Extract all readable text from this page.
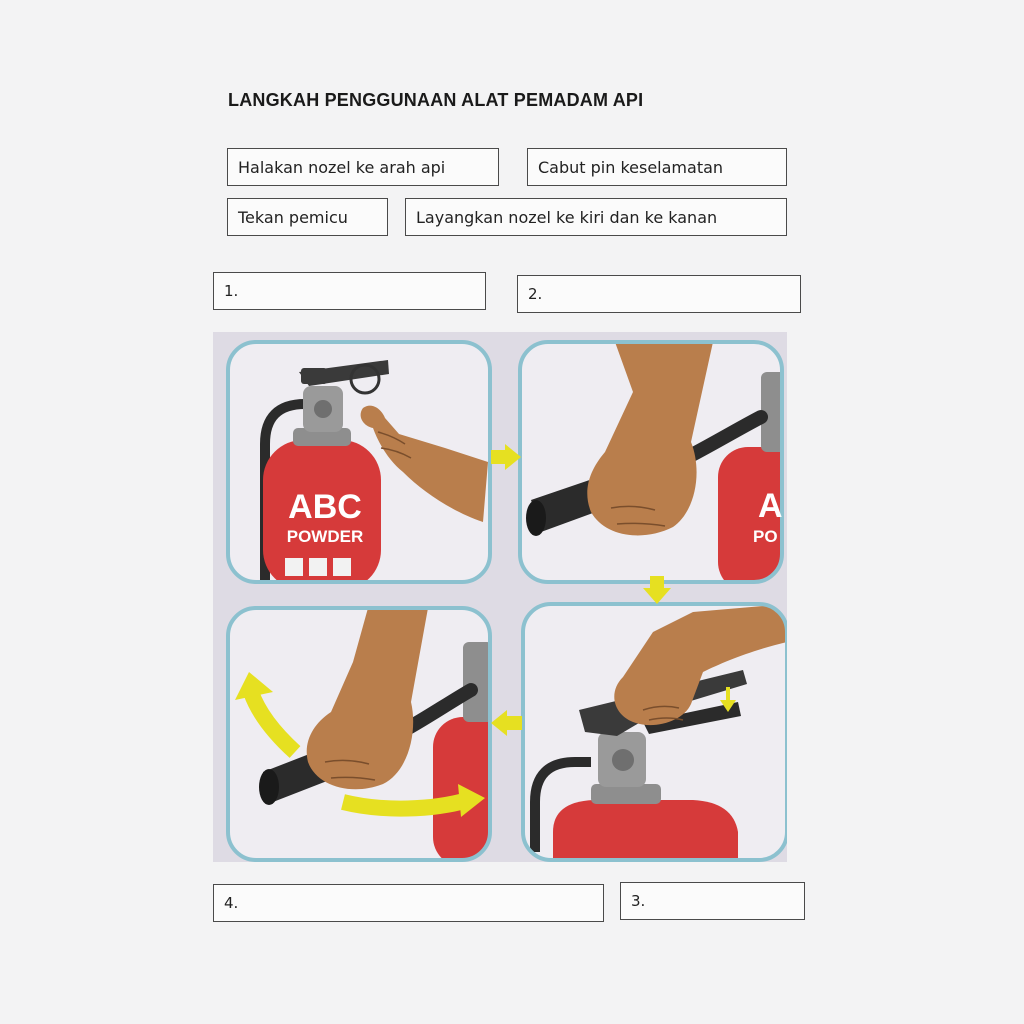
LANGKAH PENGGUNAAN ALAT PEMADAM API
Halakan nozel ke arah api	Cabut pin keselamatan
Tekan pemicu	Layangkan nozel ke kiri dan ke kanan
1.	2.
3.
4.
ABC
POWDER
A
PO
